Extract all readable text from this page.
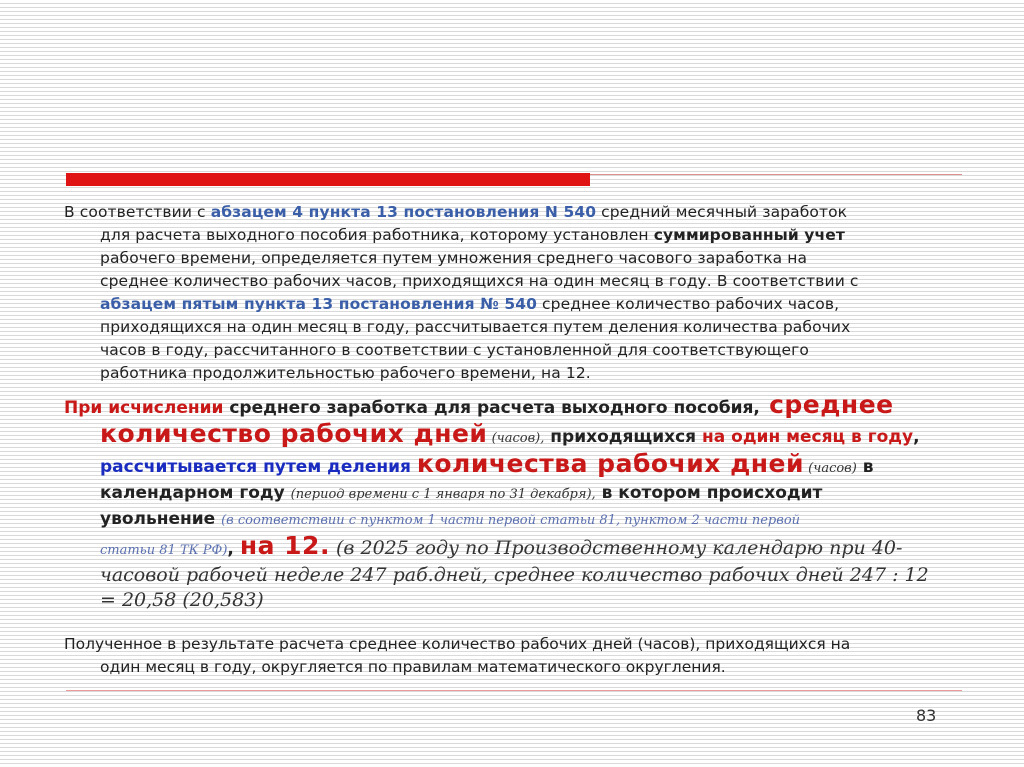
В соответствии с абзацем 4 пункта 13 постановления N 540 средний месячный заработок
для расчета выходного пособия работника, которому установлен суммированный учет
рабочего времени, определяется путем умножения среднего часового заработка на
среднее количество рабочих часов, приходящихся на один месяц в году. В соответствии с
абзацем пятым пункта 13 постановления № 540 среднее количество рабочих часов,
приходящихся на один месяц в году, рассчитывается путем деления количества рабочих
часов в году, рассчитанного в соответствии с установленной для соответствующего
работника продолжительностью рабочего времени, на 12.
При исчислении среднего заработка для расчета выходного пособия, среднее
количество рабочих дней (часов), приходящихся на один месяц в году,
рассчитывается путем деления количества рабочих дней (часов) в
календарном году (период времени с 1 января по 31 декабря), в котором происходит
увольнение (в соответствии с пунктом 1 части первой статьи 81, пунктом 2 части первой
статьи 81 ТК РФ), на 12. (в 2025 году по Производственному календарю при 40-
часовой рабочей неделе 247 раб.дней, среднее количество рабочих дней 247 : 12
= 20,58 (20,583)
Полученное в результате расчета среднее количество рабочих дней (часов), приходящихся на
один месяц в году, округляется по правилам математического округления.
83
